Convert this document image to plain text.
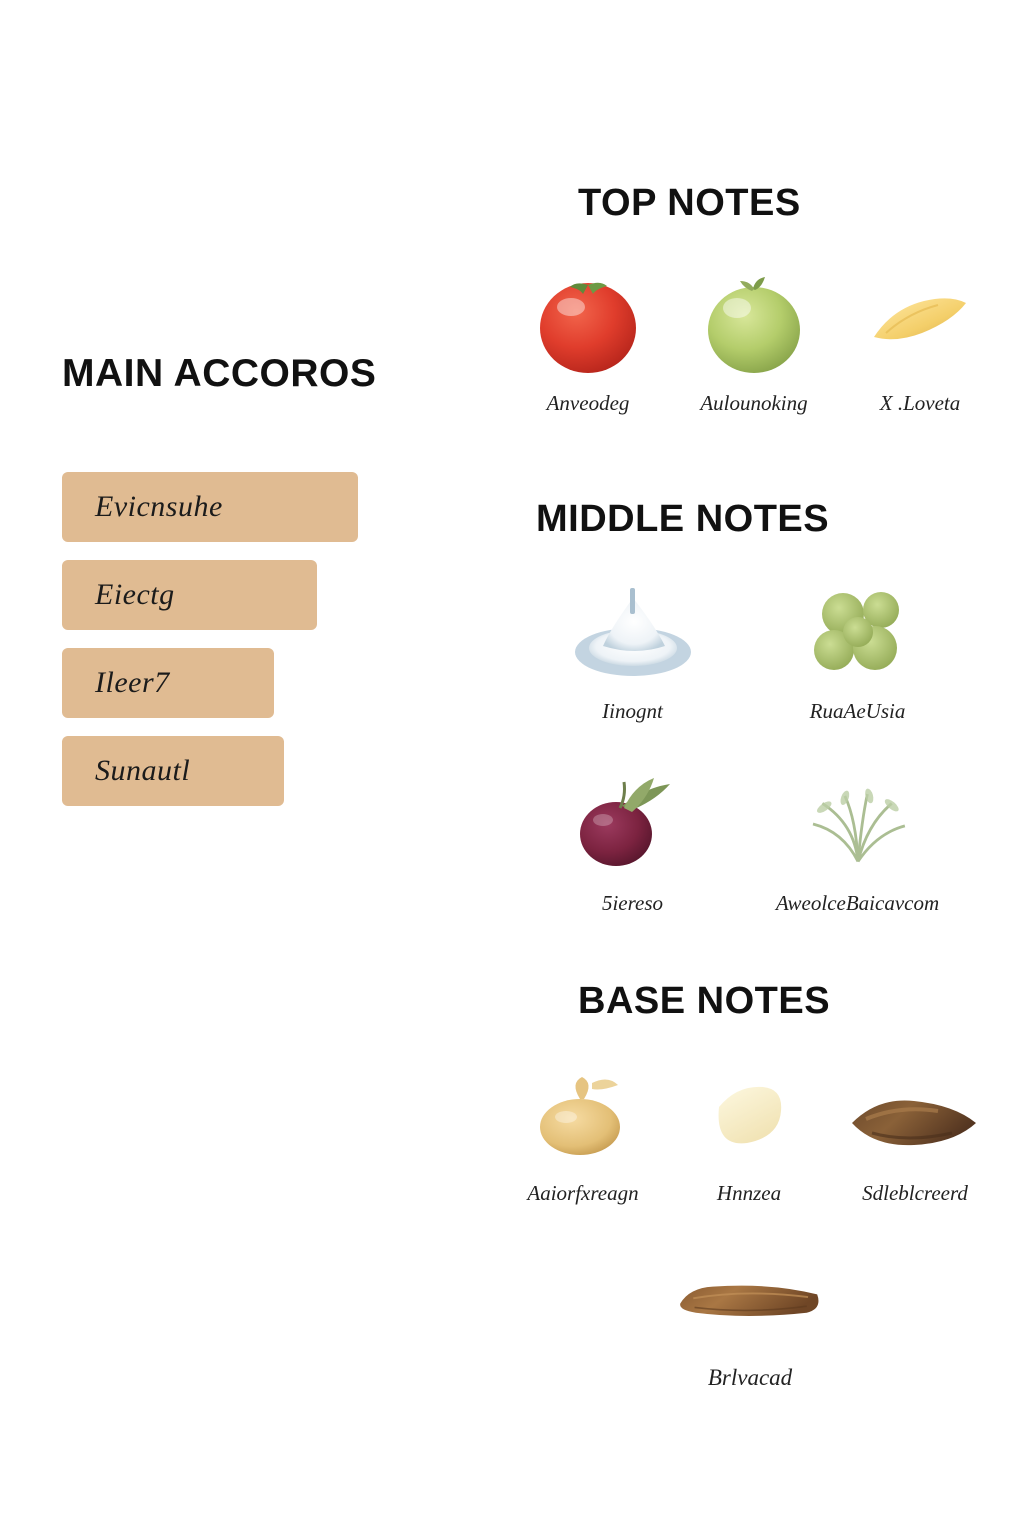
MAIN ACCOROS
Evicnsuhe
Eiectg
Ileer7
Sunautl
TOP NOTES
Anveodeg	Aulounoking	X .Loveta
MIDDLE NOTES
Iinognt	RuaAeUsia
5iereso	AweolceBaicavcom
BASE NOTES
Aaiorfxreagn	Hnnzea	Sdleblcreerd
Brlvacad
